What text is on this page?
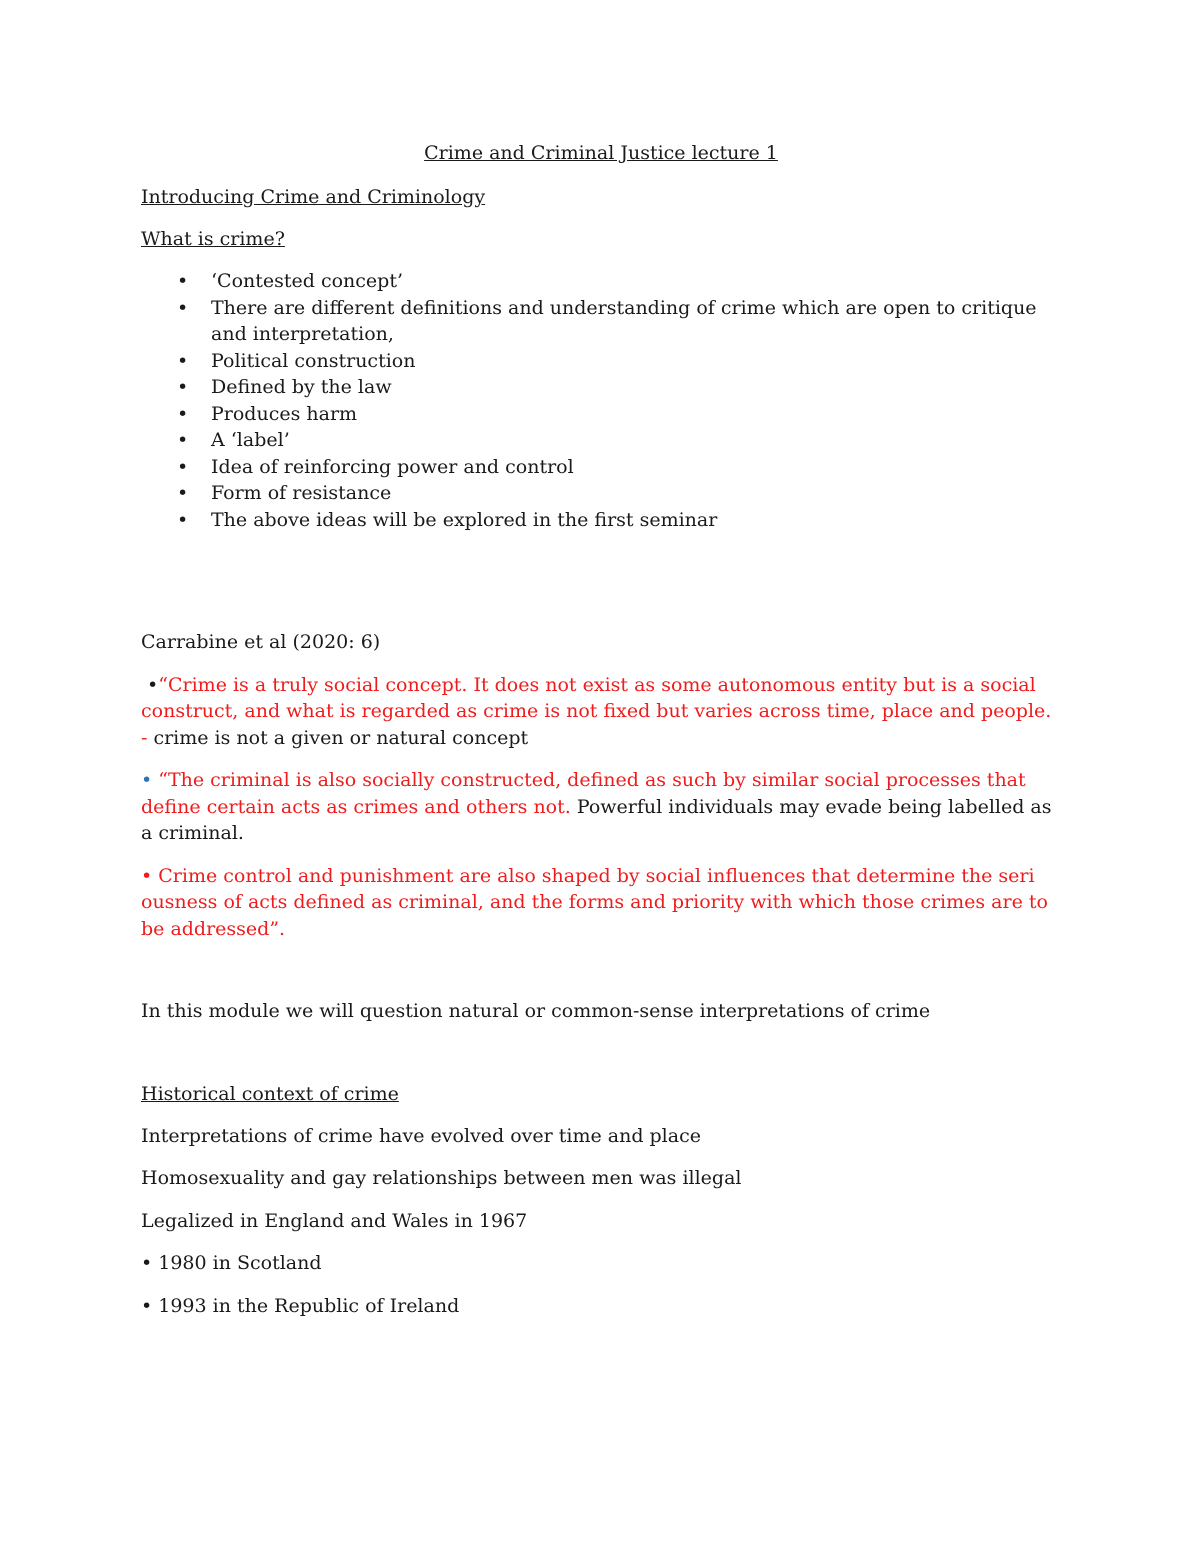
Crime and Criminal Justice lecture 1
Introducing Crime and Criminology
What is crime?
• ‘Contested concept’
• There are different definitions and understanding of crime which are open to critique and interpretation,
• Political construction
• Defined by the law
• Produces harm
• A ‘label’
• Idea of reinforcing power and control
• Form of resistance
• The above ideas will be explored in the first seminar

Carrabine et al (2020: 6)

•“Crime is a truly social concept. It does not exist as some autonomous entity but is a social construct, and what is regarded as crime is not fixed but varies across time, place and people. - crime is not a given or natural concept

• “The criminal is also socially constructed, defined as such by similar social processes that define certain acts as crimes and others not. Powerful individuals may evade being labelled as a criminal.

• Crime control and punishment are also shaped by social influences that determine the seri ousness of acts defined as criminal, and the forms and priority with which those crimes are to be addressed”.

In this module we will question natural or common-sense interpretations of crime

Historical context of crime

Interpretations of crime have evolved over time and place

Homosexuality and gay relationships between men was illegal

Legalized in England and Wales in 1967

• 1980 in Scotland

• 1993 in the Republic of Ireland
